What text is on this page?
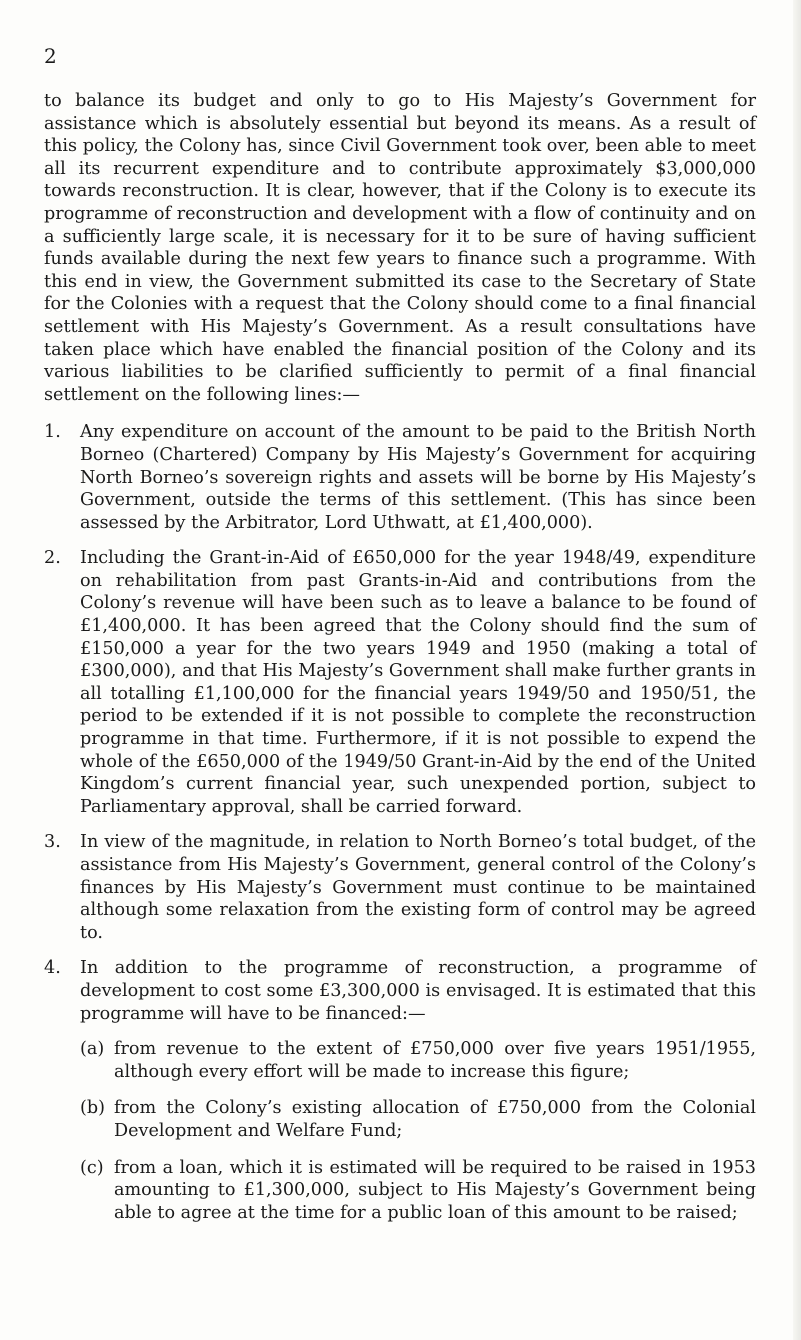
2

to balance its budget and only to go to His Majesty’s Government for assistance which is absolutely essential but beyond its means. As a result of this policy, the Colony has, since Civil Government took over, been able to meet all its recurrent expenditure and to contribute approximately $3,000,000 towards reconstruction. It is clear, however, that if the Colony is to execute its programme of reconstruction and development with a flow of continuity and on a sufficiently large scale, it is necessary for it to be sure of having sufficient funds available during the next few years to finance such a programme. With this end in view, the Government submitted its case to the Secretary of State for the Colonies with a request that the Colony should come to a final financial settlement with His Majesty’s Government. As a result consultations have taken place which have enabled the financial position of the Colony and its various liabilities to be clarified sufficiently to permit of a final financial settlement on the following lines:—

1. Any expenditure on account of the amount to be paid to the British North Borneo (Chartered) Company by His Majesty’s Government for acquiring North Borneo’s sovereign rights and assets will be borne by His Majesty’s Government, outside the terms of this settlement. (This has since been assessed by the Arbitrator, Lord Uthwatt, at £1,400,000).
2. Including the Grant-in-Aid of £650,000 for the year 1948/49, expenditure on rehabilitation from past Grants-in-Aid and contributions from the Colony’s revenue will have been such as to leave a balance to be found of £1,400,000. It has been agreed that the Colony should find the sum of £150,000 a year for the two years 1949 and 1950 (making a total of £300,000), and that His Majesty’s Government shall make further grants in all totalling £1,100,000 for the financial years 1949/50 and 1950/51, the period to be extended if it is not possible to complete the reconstruction programme in that time. Furthermore, if it is not possible to expend the whole of the £650,000 of the 1949/50 Grant-in-Aid by the end of the United Kingdom’s current financial year, such unexpended portion, subject to Parliamentary approval, shall be carried forward.
3. In view of the magnitude, in relation to North Borneo’s total budget, of the assistance from His Majesty’s Government, general control of the Colony’s finances by His Majesty’s Government must continue to be maintained although some relaxation from the existing form of control may be agreed to.
4. In addition to the programme of reconstruction, a programme of development to cost some £3,300,000 is envisaged. It is estimated that this programme will have to be financed:—
(a) from revenue to the extent of £750,000 over five years 1951/1955, although every effort will be made to increase this figure;
(b) from the Colony’s existing allocation of £750,000 from the Colonial Development and Welfare Fund;
(c) from a loan, which it is estimated will be required to be raised in 1953 amounting to £1,300,000, subject to His Majesty’s Government being able to agree at the time for a public loan of this amount to be raised;
